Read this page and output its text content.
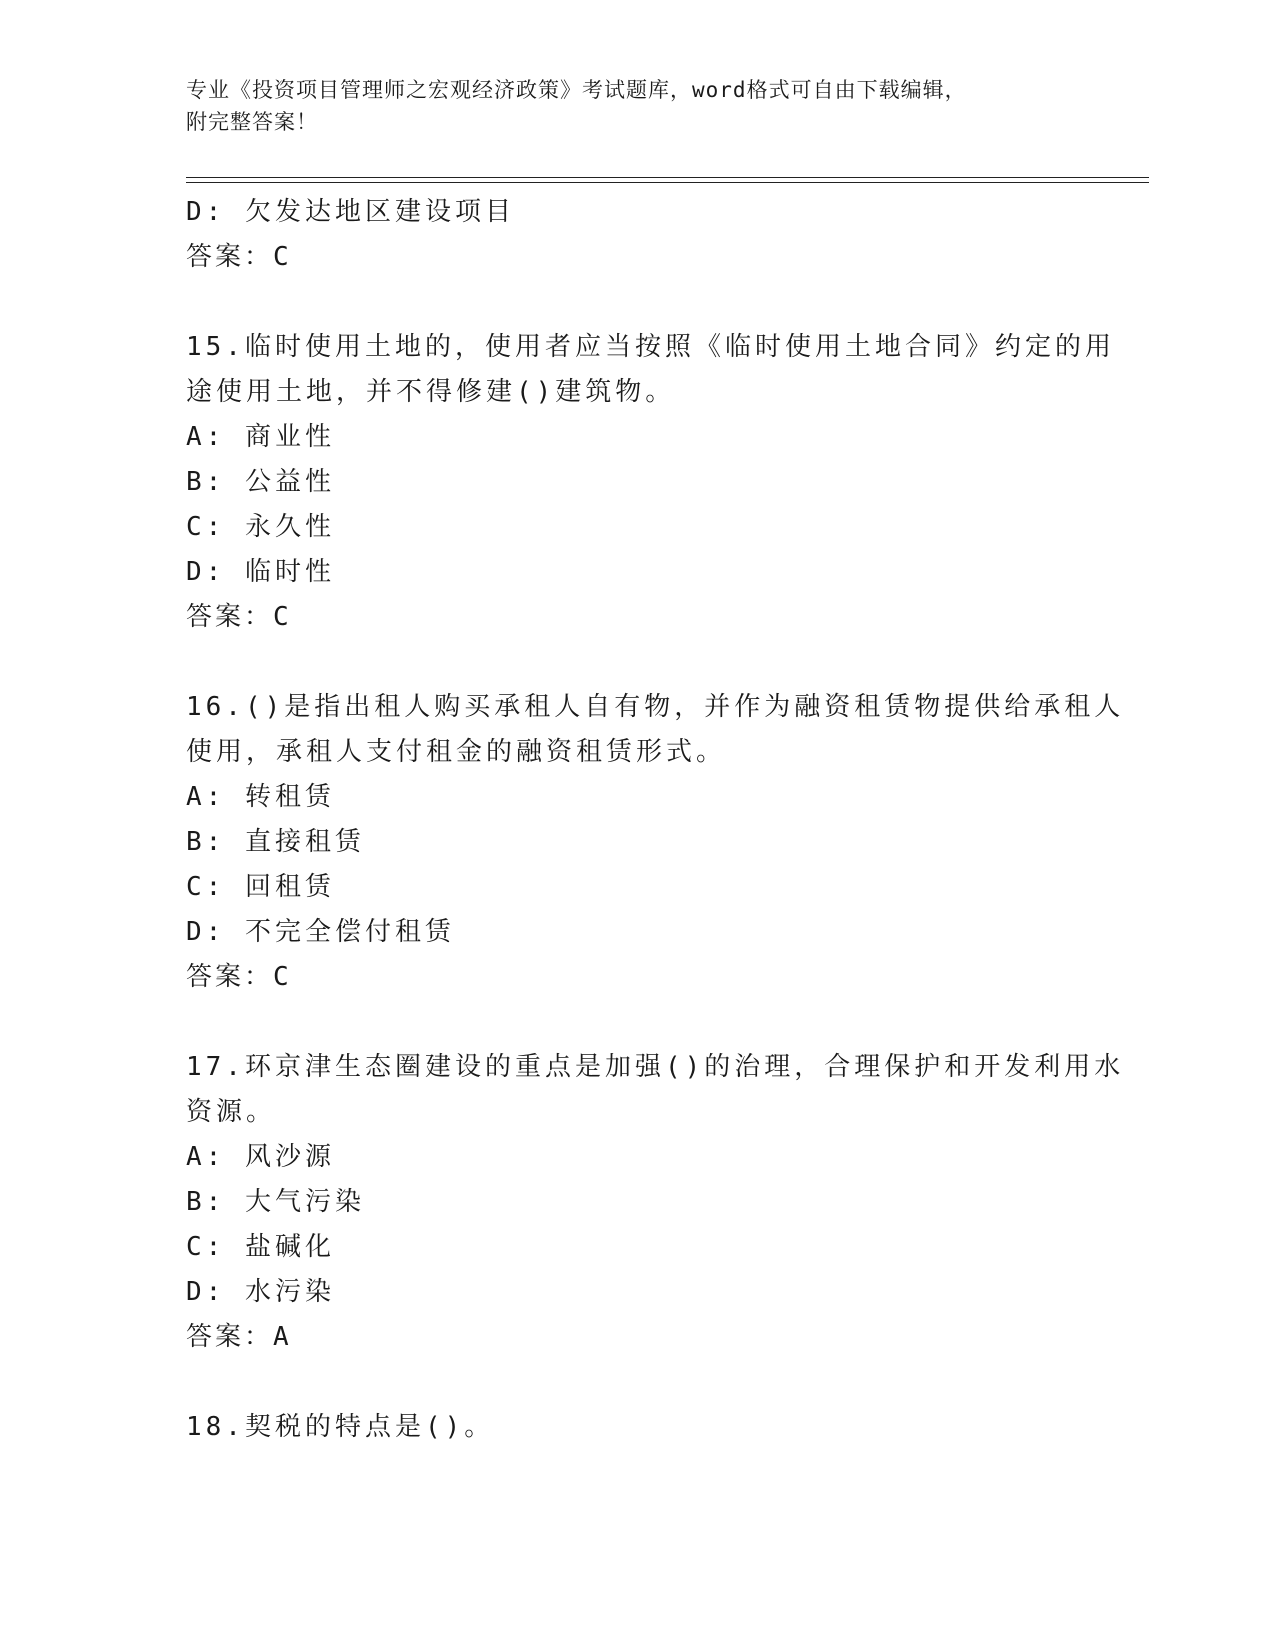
专业《投资项目管理师之宏观经济政策》考试题库，word格式可自由下载编辑，
附完整答案！
D: 欠发达地区建设项目
答案：C
15.临时使用土地的，使用者应当按照《临时使用土地合同》约定的用
途使用土地，并不得修建()建筑物。
A: 商业性
B: 公益性
C: 永久性
D: 临时性
答案：C
16.()是指出租人购买承租人自有物，并作为融资租赁物提供给承租人
使用，承租人支付租金的融资租赁形式。
A: 转租赁
B: 直接租赁
C: 回租赁
D: 不完全偿付租赁
答案：C
17.环京津生态圈建设的重点是加强()的治理，合理保护和开发利用水
资源。
A: 风沙源
B: 大气污染
C: 盐碱化
D: 水污染
答案：A
18.契税的特点是()。
